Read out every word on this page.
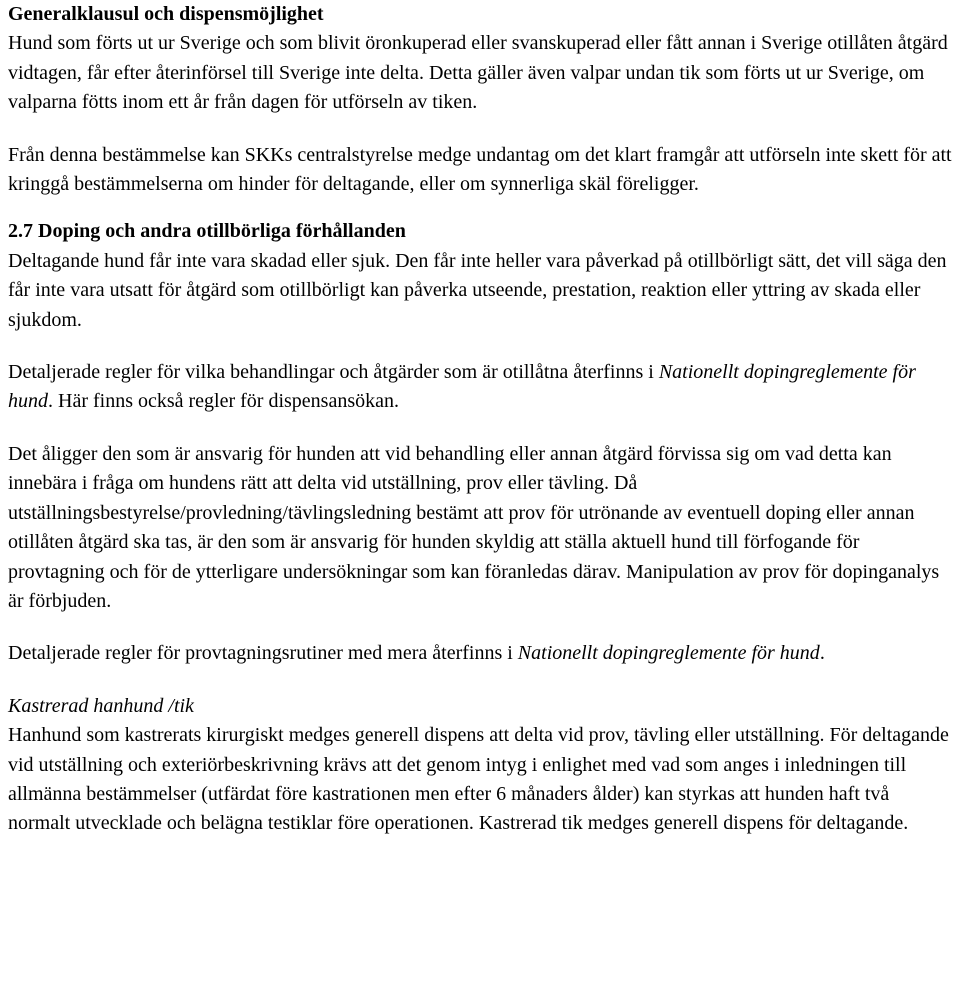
Generalklausul och dispensmöjlighet

Hund som förts ut ur Sverige och som blivit öronkuperad eller svanskuperad eller fått annan i Sverige otillåten åtgärd vidtagen, får efter återinförsel till Sverige inte delta. Detta gäller även valpar undan tik som förts ut ur Sverige, om valparna fötts inom ett år från dagen för utförseln av tiken.

Från denna bestämmelse kan SKKs centralstyrelse medge undantag om det klart framgår att utförseln inte skett för att kringgå bestämmelserna om hinder för deltagande, eller om synnerliga skäl föreligger.

2.7 Doping och andra otillbörliga förhållanden

Deltagande hund får inte vara skadad eller sjuk. Den får inte heller vara påverkad på otillbörligt sätt, det vill säga den får inte vara utsatt för åtgärd som otillbörligt kan påverka utseende, prestation, reaktion eller yttring av skada eller sjukdom.

Detaljerade regler för vilka behandlingar och åtgärder som är otillåtna återfinns i Nationellt dopingreglemente för hund. Här finns också regler för dispensansökan.

Det åligger den som är ansvarig för hunden att vid behandling eller annan åtgärd förvissa sig om vad detta kan innebära i fråga om hundens rätt att delta vid utställning, prov eller tävling. Då utställningsbestyrelse/provledning/tävlingsledning bestämt att prov för utrönande av eventuell doping eller annan otillåten åtgärd ska tas, är den som är ansvarig för hunden skyldig att ställa aktuell hund till förfogande för provtagning och för de ytterligare undersökningar som kan föranledas därav. Manipulation av prov för dopinganalys är förbjuden.

Detaljerade regler för provtagningsrutiner med mera återfinns i Nationellt dopingreglemente för hund.

Kastrerad hanhund /tik

Hanhund som kastrerats kirurgiskt medges generell dispens att delta vid prov, tävling eller utställning. För deltagande vid utställning och exteriörbeskrivning krävs att det genom intyg i enlighet med vad som anges i inledningen till allmänna bestämmelser (utfärdat före kastrationen men efter 6 månaders ålder) kan styrkas att hunden haft två normalt utvecklade och belägna testiklar före operationen. Kastrerad tik medges generell dispens för deltagande.
